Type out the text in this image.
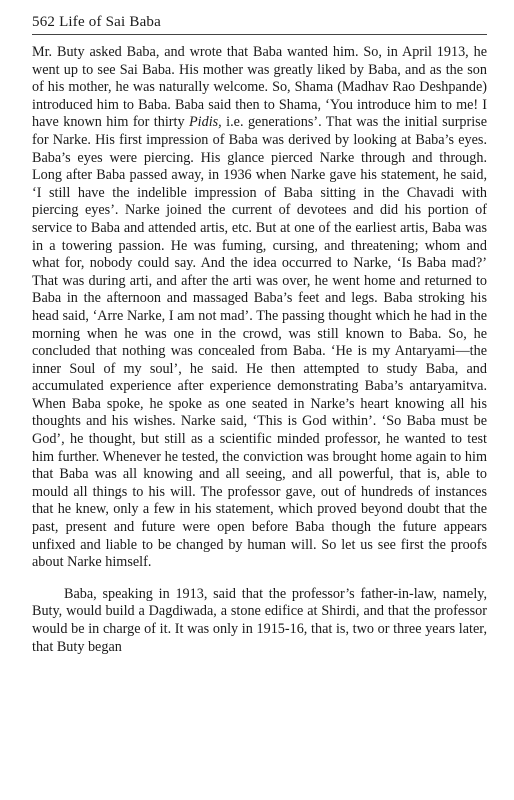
562 Life of Sai Baba

Mr. Buty asked Baba, and wrote that Baba wanted him. So, in April 1913, he went up to see Sai Baba. His mother was greatly liked by Baba, and as the son of his mother, he was naturally welcome. So, Shama (Madhav Rao Deshpande) introduced him to Baba. Baba said then to Shama, ‘You introduce him to me! I have known him for thirty Pidis, i.e. generations’. That was the initial surprise for Narke. His first impression of Baba was derived by looking at Baba’s eyes. Baba’s eyes were piercing. His glance pierced Narke through and through. Long after Baba passed away, in 1936 when Narke gave his statement, he said, ‘I still have the indelible impression of Baba sitting in the Chavadi with piercing eyes’. Narke joined the current of devotees and did his portion of service to Baba and attended artis, etc. But at one of the earliest artis, Baba was in a towering passion. He was fuming, cursing, and threatening; whom and what for, nobody could say. And the idea occurred to Narke, ‘Is Baba mad?’ That was during arti, and after the arti was over, he went home and returned to Baba in the afternoon and massaged Baba’s feet and legs. Baba stroking his head said, ‘Arre Narke, I am not mad’. The passing thought which he had in the morning when he was one in the crowd, was still known to Baba. So, he concluded that nothing was concealed from Baba. ‘He is my Antaryami—the inner Soul of my soul’, he said. He then attempted to study Baba, and accumulated experience after experience demonstrating Baba’s antaryamitva. When Baba spoke, he spoke as one seated in Narke’s heart knowing all his thoughts and his wishes. Narke said, ‘This is God within’. ‘So Baba must be God’, he thought, but still as a scientific minded professor, he wanted to test him further. Whenever he tested, the conviction was brought home again to him that Baba was all knowing and all seeing, and all powerful, that is, able to mould all things to his will. The professor gave, out of hundreds of instances that he knew, only a few in his statement, which proved beyond doubt that the past, present and future were open before Baba though the future appears unfixed and liable to be changed by human will. So let us see first the proofs about Narke himself.

Baba, speaking in 1913, said that the professor’s father-in-law, namely, Buty, would build a Dagdiwada, a stone edifice at Shirdi, and that the professor would be in charge of it. It was only in 1915-16, that is, two or three years later, that Buty began
